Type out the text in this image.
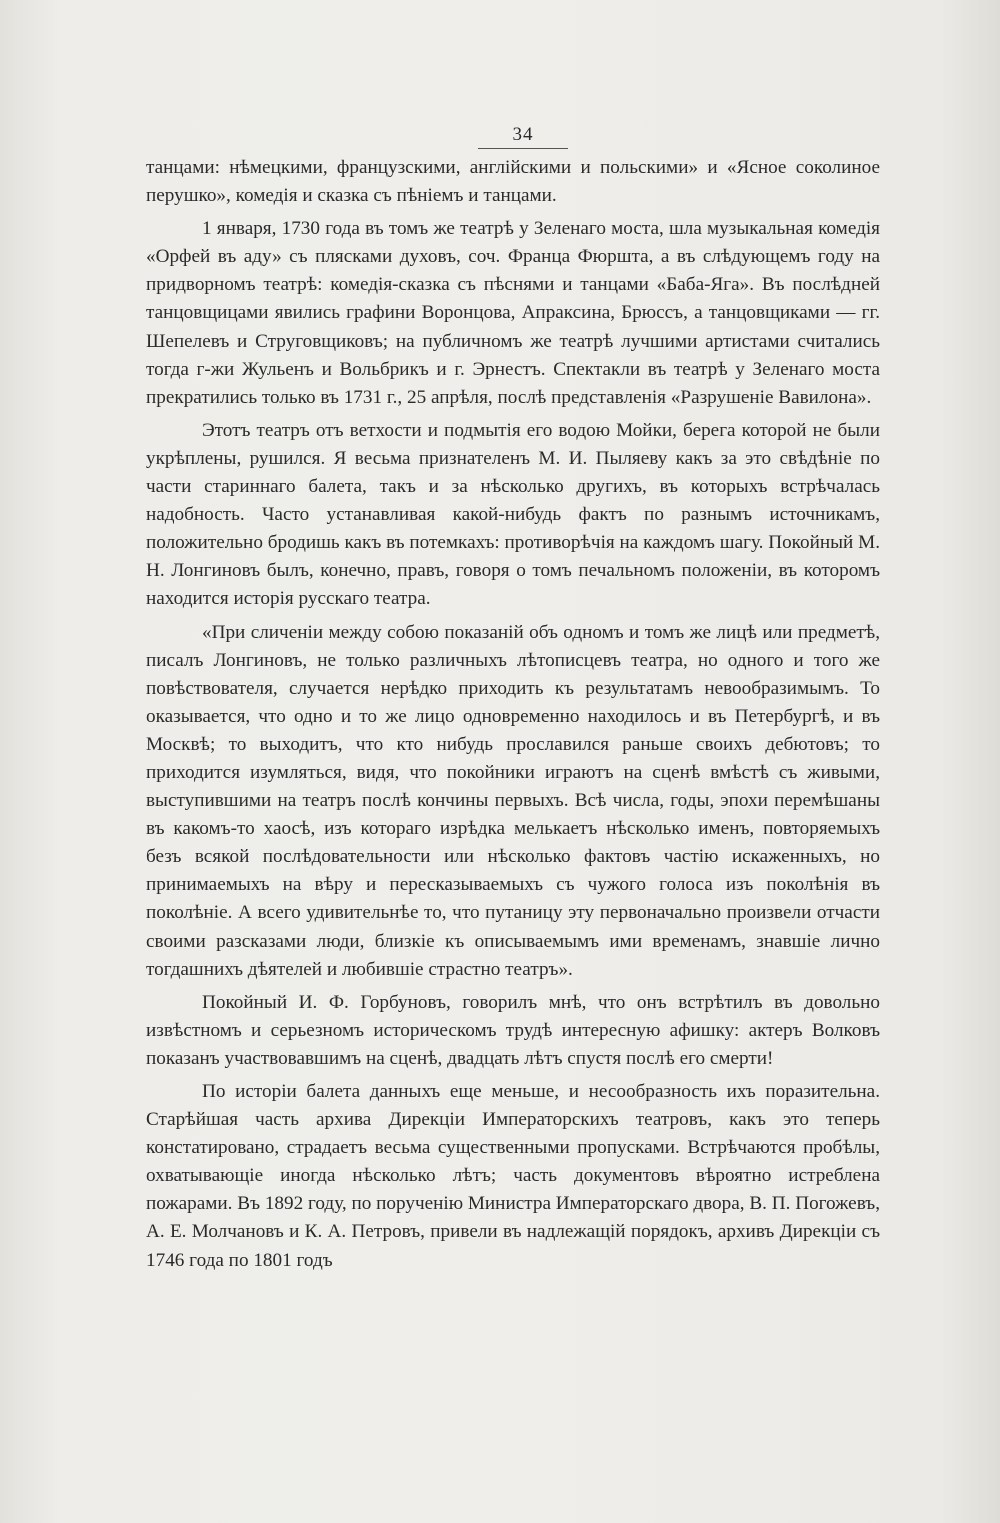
34

танцами: нѣмецкими, французскими, англійскими и польскими» и «Ясное соколиное перушко», комедія и сказка съ пѣніемъ и танцами.

1 января, 1730 года въ томъ же театрѣ у Зеленаго моста, шла музыкальная комедія «Орфей въ аду» съ плясками духовъ, соч. Франца Фюршта, а въ слѣдующемъ году на придворномъ театрѣ: комедія-сказка съ пѣснями и танцами «Баба-Яга». Въ послѣдней танцовщицами явились графини Воронцова, Апраксина, Брюссъ, а танцовщиками — гг. Шепелевъ и Струговщиковъ; на публичномъ же театрѣ лучшими артистами считались тогда г-жи Жульенъ и Вольбрикъ и г. Эрнестъ. Спектакли въ театрѣ у Зеленаго моста прекратились только въ 1731 г., 25 апрѣля, послѣ представленія «Разрушеніе Вавилона».

Этотъ театръ отъ ветхости и подмытія его водою Мойки, берега которой не были укрѣплены, рушился. Я весьма признателенъ М. И. Пыляеву какъ за это свѣдѣніе по части стариннаго балета, такъ и за нѣсколько другихъ, въ которыхъ встрѣчалась надобность. Часто устанавливая какой-нибудь фактъ по разнымъ источникамъ, положительно бродишь какъ въ потемкахъ: противорѣчія на каждомъ шагу. Покойный М. Н. Лонгиновъ былъ, конечно, правъ, говоря о томъ печальномъ положеніи, въ которомъ находится исторія русскаго театра.

«При сличеніи между собою показаній объ одномъ и томъ же лицѣ или предметѣ, писалъ Лонгиновъ, не только различныхъ лѣтописцевъ театра, но одного и того же повѣствователя, случается нерѣдко приходить къ результатамъ невообразимымъ. То оказывается, что одно и то же лицо одновременно находилось и въ Петербургѣ, и въ Москвѣ; то выходитъ, что кто нибудь прославился раньше своихъ дебютовъ; то приходится изумляться, видя, что покойники играютъ на сценѣ вмѣстѣ съ живыми, выступившими на театръ послѣ кончины первыхъ. Всѣ числа, годы, эпохи перемѣшаны въ какомъ-то хаосѣ, изъ котораго изрѣдка мелькаетъ нѣсколько именъ, повторяемыхъ безъ всякой послѣдовательности или нѣсколько фактовъ частію искаженныхъ, но принимаемыхъ на вѣру и пересказываемыхъ съ чужого голоса изъ поколѣнія въ поколѣніе. А всего удивительнѣе то, что путаницу эту первоначально произвели отчасти своими разсказами люди, близкіе къ описываемымъ ими временамъ, знавшіе лично тогдашнихъ дѣятелей и любившіе страстно театръ».

Покойный И. Ф. Горбуновъ, говорилъ мнѣ, что онъ встрѣтилъ въ довольно извѣстномъ и серьезномъ историческомъ трудѣ интересную афишку: актеръ Волковъ показанъ участвовавшимъ на сценѣ, двадцать лѣтъ спустя послѣ его смерти!

По исторіи балета данныхъ еще меньше, и несообразность ихъ поразительна. Старѣйшая часть архива Дирекціи Императорскихъ театровъ, какъ это теперь констатировано, страдаетъ весьма существенными пропусками. Встрѣчаются пробѣлы, охватывающіе иногда нѣсколько лѣтъ; часть документовъ вѣроятно истреблена пожарами. Въ 1892 году, по порученію Министра Императорскаго двора, В. П. Погожевъ, А. Е. Молчановъ и К. А. Петровъ, привели въ надлежащій порядокъ, архивъ Дирекціи съ 1746 года по 1801 годъ
